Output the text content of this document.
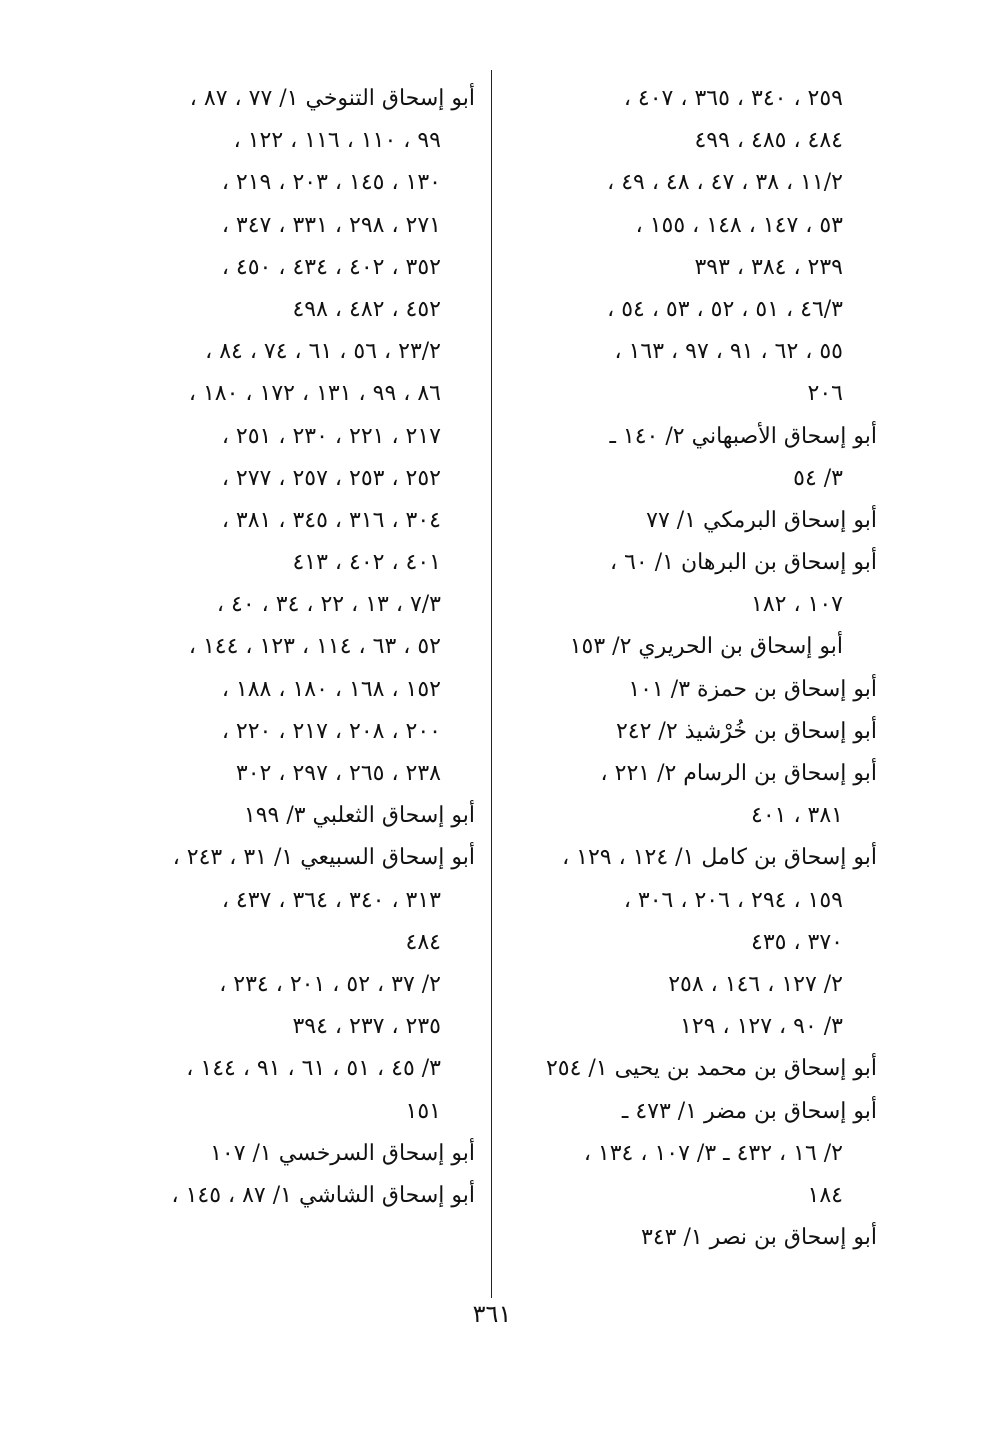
٢٥٩ ، ٣٤٠ ، ٣٦٥ ، ٤٠٧ ،
٤٨٤ ، ٤٨٥ ، ٤٩٩
١١/٢ ، ٣٨ ، ٤٧ ، ٤٨ ، ٤٩ ،
٥٣ ، ١٤٧ ، ١٤٨ ، ١٥٥ ،
٢٣٩ ، ٣٨٤ ، ٣٩٣
٤٦/٣ ، ٥١ ، ٥٢ ، ٥٣ ، ٥٤ ،
٥٥ ، ٦٢ ، ٩١ ، ٩٧ ، ١٦٣ ،
٢٠٦
أبو إسحاق الأصبهاني ٢/ ١٤٠ ـ
٣/ ٥٤
أبو إسحاق البرمكي ١/ ٧٧
أبو إسحاق بن البرهان ١/ ٦٠ ،
١٠٧ ، ١٨٢
أبو إسحاق بن الحريري ٢/ ١٥٣
أبو إسحاق بن حمزة ٣/ ١٠١
أبو إسحاق بن خُرْشيذ ٢/ ٢٤٢
أبو إسحاق بن الرسام ٢/ ٢٢١ ،
٣٨١ ، ٤٠١
أبو إسحاق بن كامل ١/ ١٢٤ ، ١٢٩ ،
١٥٩ ، ٢٩٤ ، ٢٠٦ ، ٣٠٦ ،
٣٧٠ ، ٤٣٥
٢/ ١٢٧ ، ١٤٦ ، ٢٥٨
٣/ ٩٠ ، ١٢٧ ، ١٢٩
أبو إسحاق بن محمد بن يحيى ١/ ٢٥٤
أبو إسحاق بن مضر ١/ ٤٧٣ ـ
٢/ ١٦ ، ٤٣٢ ـ ٣/ ١٠٧ ، ١٣٤ ،
١٨٤
أبو إسحاق بن نصر ١/ ٣٤٣
أبو إسحاق التنوخي ١/ ٧٧ ، ٨٧ ،
٩٩ ، ١١٠ ، ١١٦ ، ١٢٢ ،
١٣٠ ، ١٤٥ ، ٢٠٣ ، ٢١٩ ،
٢٧١ ، ٢٩٨ ، ٣٣١ ، ٣٤٧ ،
٣٥٢ ، ٤٠٢ ، ٤٣٤ ، ٤٥٠ ،
٤٥٢ ، ٤٨٢ ، ٤٩٨
٢٣/٢ ، ٥٦ ، ٦١ ، ٧٤ ، ٨٤ ،
٨٦ ، ٩٩ ، ١٣١ ، ١٧٢ ، ١٨٠ ،
٢١٧ ، ٢٢١ ، ٢٣٠ ، ٢٥١ ،
٢٥٢ ، ٢٥٣ ، ٢٥٧ ، ٢٧٧ ،
٣٠٤ ، ٣١٦ ، ٣٤٥ ، ٣٨١ ،
٤٠١ ، ٤٠٢ ، ٤١٣
٧/٣ ، ١٣ ، ٢٢ ، ٣٤ ، ٤٠ ،
٥٢ ، ٦٣ ، ١١٤ ، ١٢٣ ، ١٤٤ ،
١٥٢ ، ١٦٨ ، ١٨٠ ، ١٨٨ ،
٢٠٠ ، ٢٠٨ ، ٢١٧ ، ٢٢٠ ،
٢٣٨ ، ٢٦٥ ، ٢٩٧ ، ٣٠٢
أبو إسحاق الثعلبي ٣/ ١٩٩
أبو إسحاق السبيعي ١/ ٣١ ، ٢٤٣ ،
٣١٣ ، ٣٤٠ ، ٣٦٤ ، ٤٣٧ ،
٤٨٤
٢/ ٣٧ ، ٥٢ ، ٢٠١ ، ٢٣٤ ،
٢٣٥ ، ٢٣٧ ، ٣٩٤
٣/ ٤٥ ، ٥١ ، ٦١ ، ٩١ ، ١٤٤ ،
١٥١
أبو إسحاق السرخسي ١/ ١٠٧
أبو إسحاق الشاشي ١/ ٨٧ ، ١٤٥ ،
٣٦١
